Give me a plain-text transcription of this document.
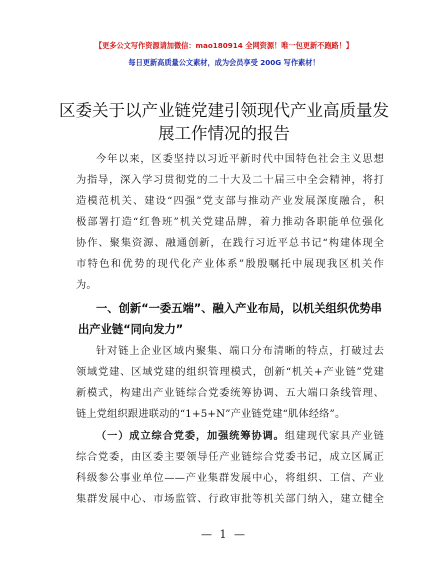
【更多公文写作资源请加微信：mao180914 全网资源！唯一包更新不跑路！】
每日更新高质量公文素材，成为会员享受 200G 写作素材！
区委关于以产业链党建引领现代产业高质量发
展工作情况的报告
今年以来，区委坚持以习近平新时代中国特色社会主义思想
为指导，深入学习贯彻党的二十大及二十届三中全会精神，将打
造模范机关、建设“四强”党支部与推动产业发展深度融合，积
极部署打造“红鲁班”机关党建品牌，着力推动各职能单位强化
协作、聚集资源、融通创新，在践行习近平总书记“构建体现全
市特色和优势的现代化产业体系”殷殷嘱托中展现我区机关作
为。
一、创新“一委五端”、融入产业布局，以机关组织优势串
出产业链“同向发力”
针对链上企业区域内聚集、端口分布清晰的特点，打破过去
领域党建、区域党建的组织管理模式，创新“机关+产业链”党建
新模式，构建出产业链综合党委统筹协调、五大端口条线管理、
链上党组织跟进联动的“1+5+N”产业链党建“肌体经络”。
（一）成立综合党委，加强统筹协调。组建现代家具产业链
综合党委，由区委主要领导任产业链综合党委书记，成立区属正
科级参公事业单位——产业集群发展中心，将组织、工信、产业
集群发展中心、市场监管、行政审批等机关部门纳入，建立健全
— 1 —
